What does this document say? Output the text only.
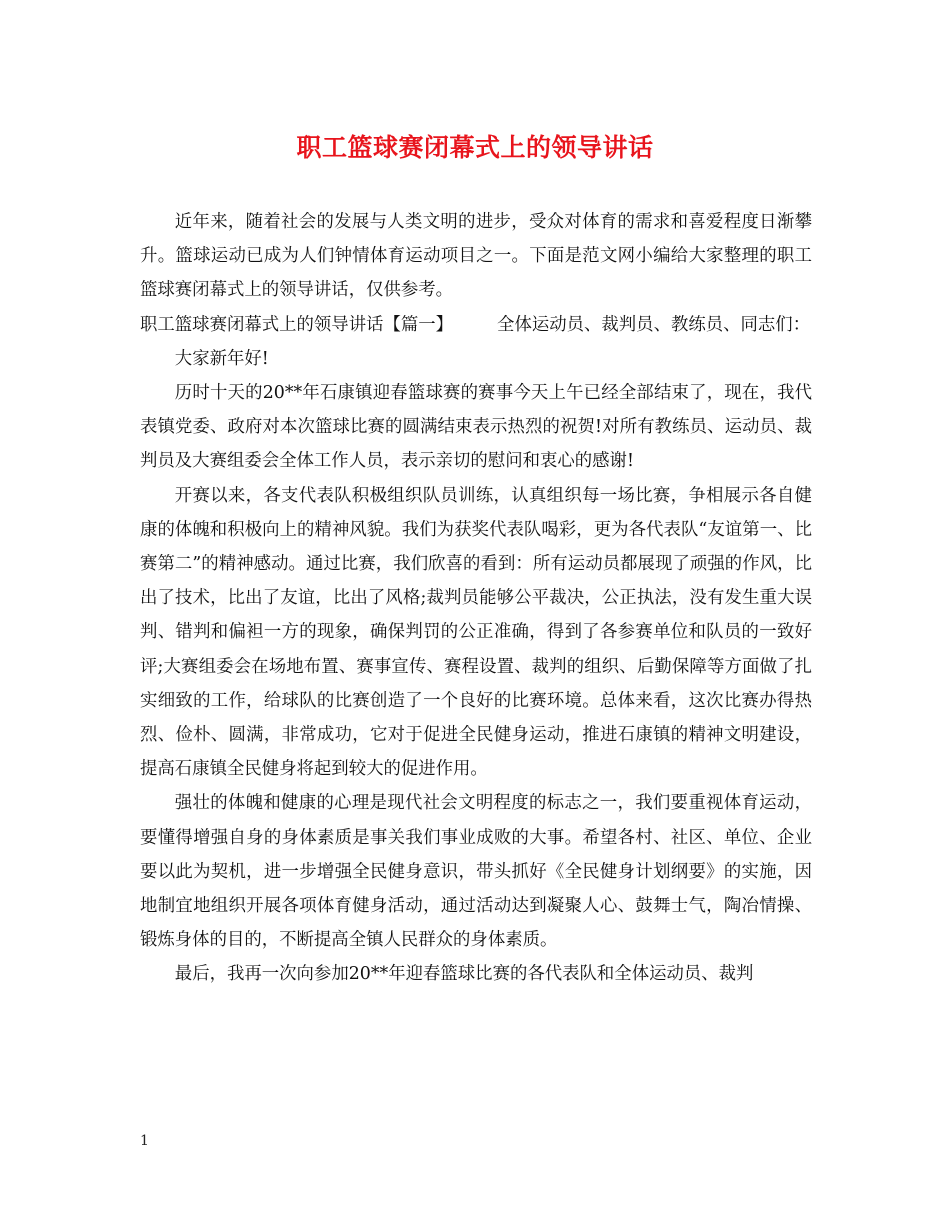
职工篮球赛闭幕式上的领导讲话

近年来，随着社会的发展与人类文明的进步，受众对体育的需求和喜爱程度日渐攀升。篮球运动已成为人们钟情体育运动项目之一。下面是范文网小编给大家整理的职工篮球赛闭幕式上的领导讲话，仅供参考。

职工篮球赛闭幕式上的领导讲话【篇一】	全体运动员、裁判员、教练员、同志们：

大家新年好!

历时十天的20**年石康镇迎春篮球赛的赛事今天上午已经全部结束了，现在，我代表镇党委、政府对本次篮球比赛的圆满结束表示热烈的祝贺!对所有教练员、运动员、裁判员及大赛组委会全体工作人员，表示亲切的慰问和衷心的感谢!

开赛以来，各支代表队积极组织队员训练，认真组织每一场比赛，争相展示各自健康的体魄和积极向上的精神风貌。我们为获奖代表队喝彩，更为各代表队“友谊第一、比赛第二”的精神感动。通过比赛，我们欣喜的看到：所有运动员都展现了顽强的作风，比出了技术，比出了友谊，比出了风格;裁判员能够公平裁决，公正执法，没有发生重大误判、错判和偏袒一方的现象，确保判罚的公正准确，得到了各参赛单位和队员的一致好评;大赛组委会在场地布置、赛事宣传、赛程设置、裁判的组织、后勤保障等方面做了扎实细致的工作，给球队的比赛创造了一个良好的比赛环境。总体来看，这次比赛办得热烈、俭朴、圆满，非常成功，它对于促进全民健身运动，推进石康镇的精神文明建设，提高石康镇全民健身将起到较大的促进作用。

强壮的体魄和健康的心理是现代社会文明程度的标志之一，我们要重视体育运动，要懂得增强自身的身体素质是事关我们事业成败的大事。希望各村、社区、单位、企业要以此为契机，进一步增强全民健身意识，带头抓好《全民健身计划纲要》的实施，因地制宜地组织开展各项体育健身活动，通过活动达到凝聚人心、鼓舞士气，陶冶情操、锻炼身体的目的，不断提高全镇人民群众的身体素质。

最后，我再一次向参加20**年迎春篮球比赛的各代表队和全体运动员、裁判

1
